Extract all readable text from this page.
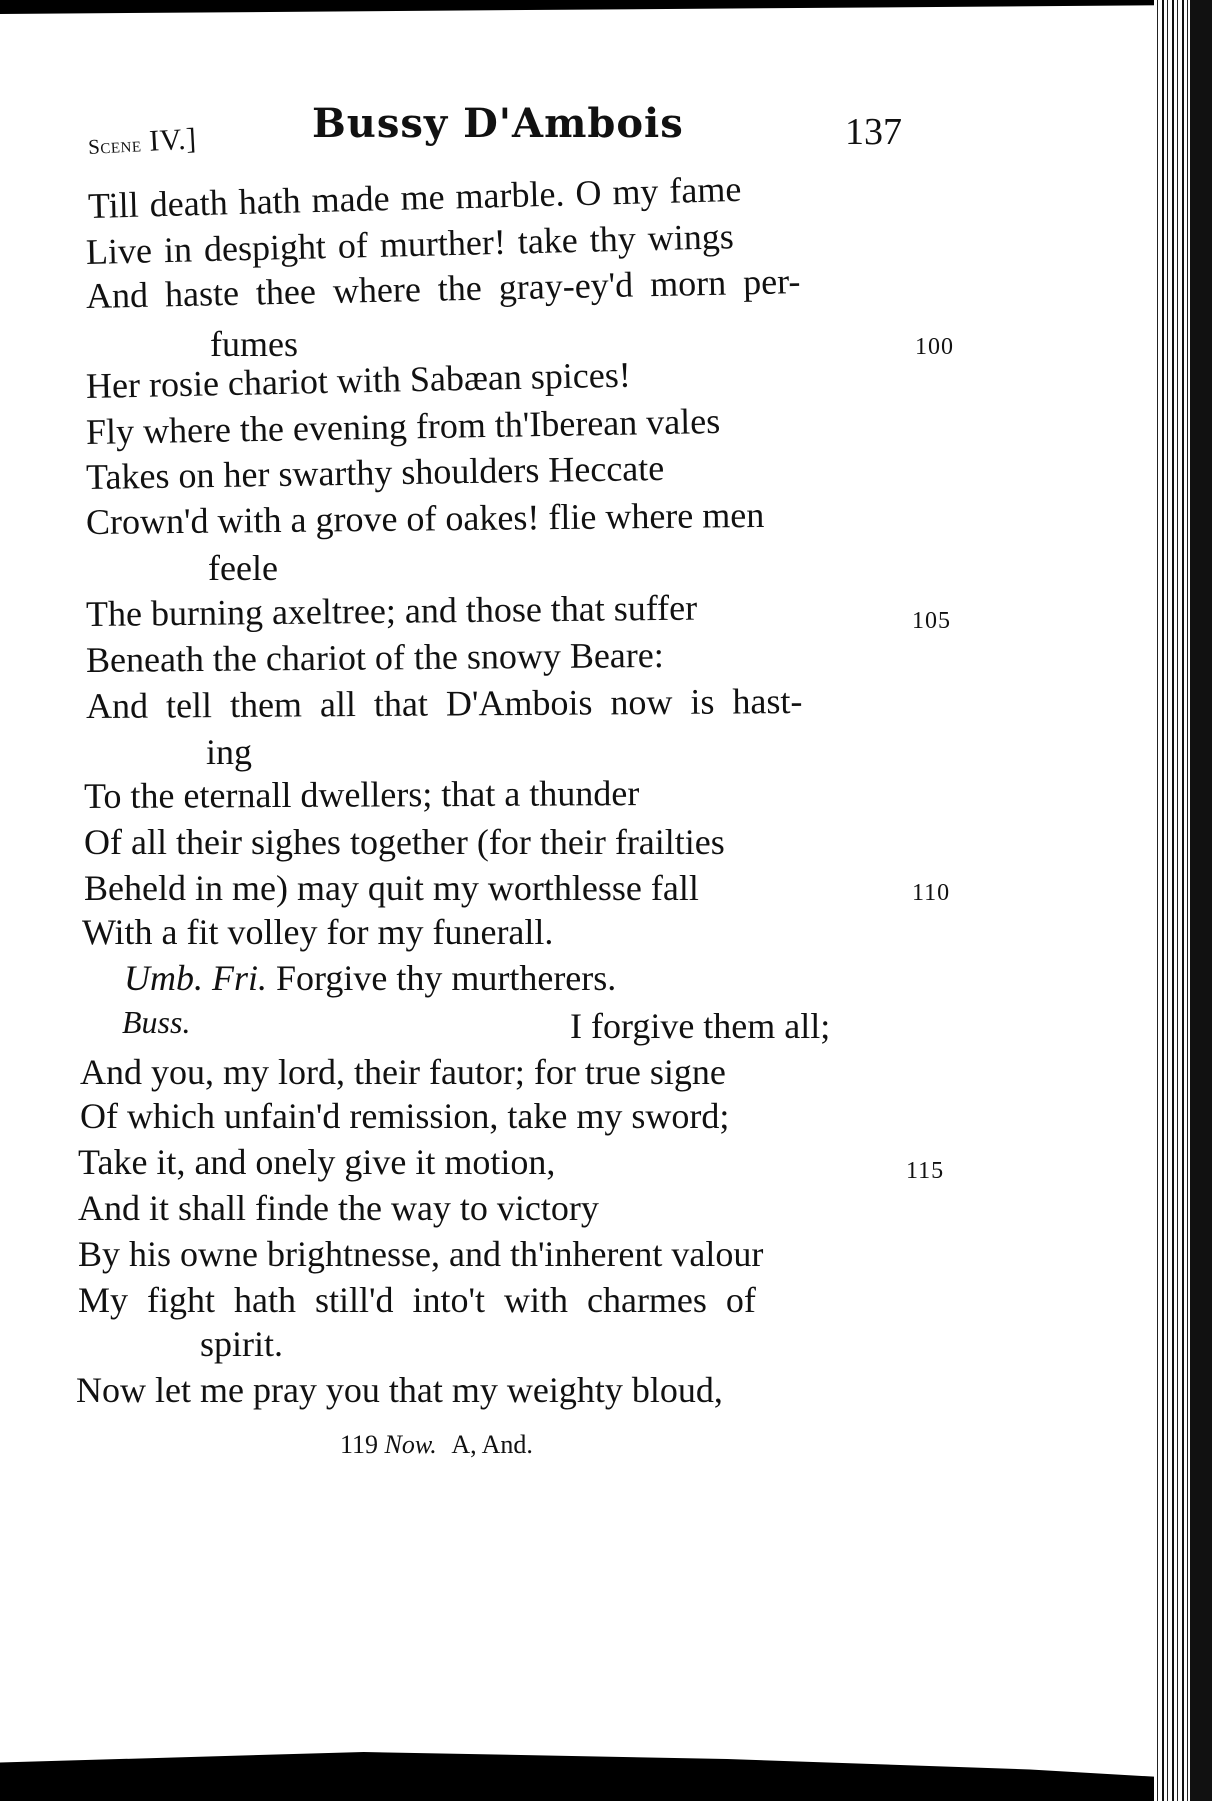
Scene IV.]	Bussy D'Ambois	137
Till death hath made me marble. O my fame
Live in despight of murther! take thy wings
And haste thee where the gray-ey'd morn per-
fumes
Her rosie chariot with Sabæan spices!
Fly where the evening from th'Iberean vales
Takes on her swarthy shoulders Heccate
Crown'd with a grove of oakes! flie where men
feele
The burning axeltree; and those that suffer
Beneath the chariot of the snowy Beare:
And tell them all that D'Ambois now is hast-
ing
To the eternall dwellers; that a thunder
Of all their sighes together (for their frailties
Beheld in me) may quit my worthlesse fall
With a fit volley for my funerall.
Umb. Fri. Forgive thy murtherers.
Buss.	I forgive them all;
And you, my lord, their fautor; for true signe
Of which unfain'd remission, take my sword;
Take it, and onely give it motion,
And it shall finde the way to victory
By his owne brightnesse, and th'inherent valour
My fight hath still'd into't with charmes of
spirit.
Now let me pray you that my weighty bloud,
100
105
110
115
119 Now. A, And.
